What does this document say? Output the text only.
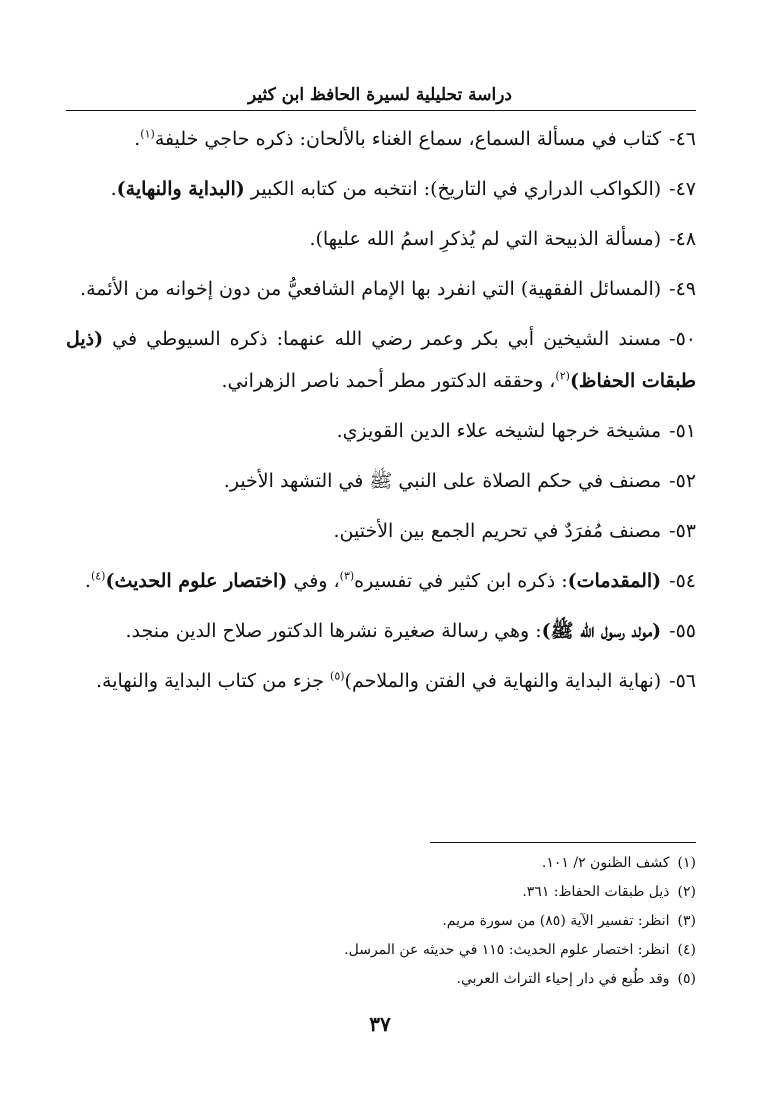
دراسة تحليلية لسيرة الحافظ ابن كثير

٤٦-كتاب في مسألة السماع، سماع الغناء بالألحان: ذكره حاجي خليفة$^{(١)}$.

٤٧-(الكواكب الدراري في التاريخ): انتخبه من كتابه الكبير (البداية والنهاية).

٤٨-(مسألة الذبيحة التي لم يُذكرِ اسمُ الله عليها).

٤٩-(المسائل الفقهية) التي انفرد بها الإمام الشافعيُّ من دون إخوانه من الأئمة.

٥٠-مسند الشيخين أبي بكر وعمر رضي الله عنهما: ذكره السيوطي في (ذيل طبقات الحفاظ)$^{(٢)}$، وحققه الدكتور مطر أحمد ناصر الزهراني.

٥١-مشيخة خرجها لشيخه علاء الدين القويزي.

٥٢-مصنف في حكم الصلاة على النبي ﷺ في التشهد الأخير.

٥٣-مصنف مُفرَدٌ في تحريم الجمع بين الأختين.

٥٤-(المقدمات): ذكره ابن كثير في تفسيره$^{(٣)}$، وفي (اختصار علوم الحديث)$^{(٤)}$.

٥٥-(مولد رسول الله ﷺ): وهي رسالة صغيرة نشرها الدكتور صلاح الدين منجد.

٥٦-(نهاية البداية والنهاية في الفتن والملاحم)$^{(٥)}$ جزء من كتاب البداية والنهاية.

(١)كشف الظنون ٢/ ١٠١.
(٢)ذيل طبقات الحفاظ: ٣٦١.
(٣)انظر: تفسير الآية (٨٥) من سورة مريم.
(٤)انظر: اختصار علوم الحديث: ١١٥ في حديثه عن المرسل.
(٥)وقد طُبع في دار إحياء التراث العربي.
٣٧
